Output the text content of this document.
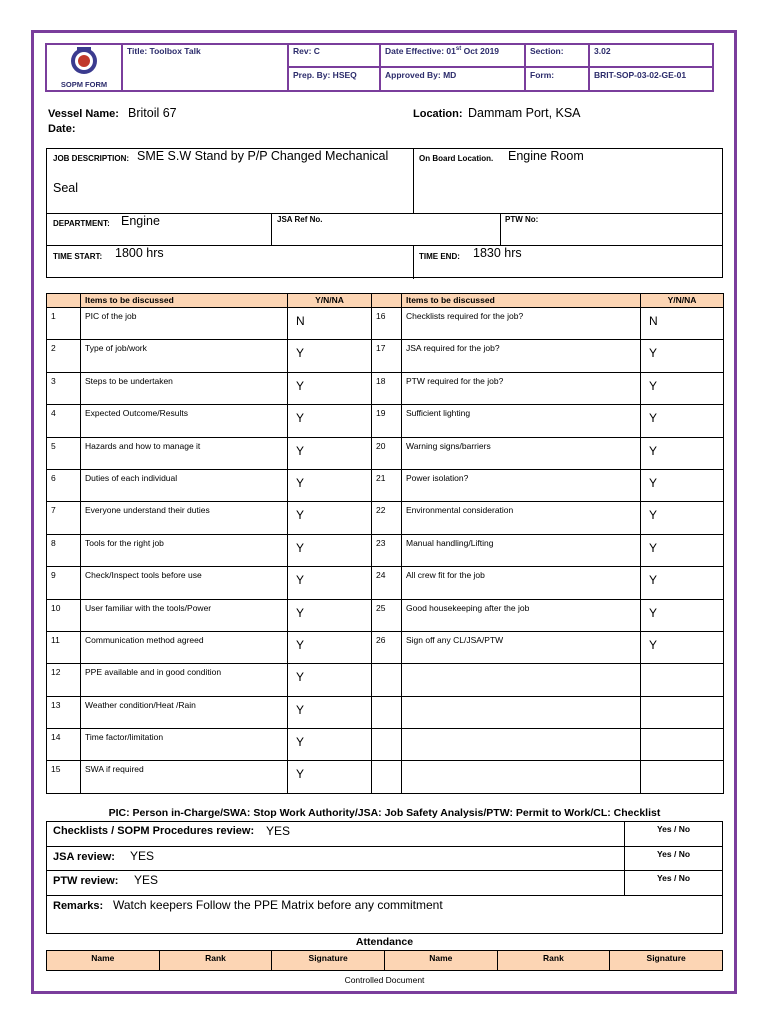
SOPM FORM
Title: Toolbox Talk	Rev: C	Date Effective: 01st Oct 2019	Section:	3.02
Prep. By: HSEQ	Approved By: MD	Form:	BRIT-SOP-03-02-GE-01
Vessel Name: Britoil 67
Date:
Location: Dammam Port, KSA
JOB DESCRIPTION: SME S.W Stand by P/P Changed Mechanical
Seal
On Board Location. Engine Room
DEPARTMENT: Engine	JSA Ref No.	PTW No:
TIME START: 1800 hrs	TIME END: 1830 hrs
	Items to be discussed	Y/N/NA		Items to be discussed	Y/N/NA
1	PIC of the job	N	16	Checklists required for the job?	N
2	Type of job/work	Y	17	JSA required for the job?	Y
3	Steps to be undertaken	Y	18	PTW required for the job?	Y
4	Expected Outcome/Results	Y	19	Sufficient lighting	Y
5	Hazards and how to manage it	Y	20	Warning signs/barriers	Y
6	Duties of each individual	Y	21	Power isolation?	Y
7	Everyone understand their duties	Y	22	Environmental consideration	Y
8	Tools for the right job	Y	23	Manual handling/Lifting	Y
9	Check/Inspect tools before use	Y	24	All crew fit for the job	Y
10	User familiar with the tools/Power	Y	25	Good housekeeping after the job	Y
11	Communication method agreed	Y	26	Sign off any CL/JSA/PTW	Y
12	PPE available and in good condition	Y			
13	Weather condition/Heat /Rain	Y			
14	Time factor/limitation	Y			
15	SWA if required	Y			
PIC: Person in-Charge/SWA: Stop Work Authority/JSA: Job Safety Analysis/PTW: Permit to Work/CL: Checklist
Checklists / SOPM Procedures review: YES	Yes / No
JSA review: YES	Yes / No
PTW review: YES	Yes / No
Remarks: Watch keepers Follow the PPE Matrix before any commitment
Attendance
Name	Rank	Signature	Name	Rank	Signature
Controlled Document
